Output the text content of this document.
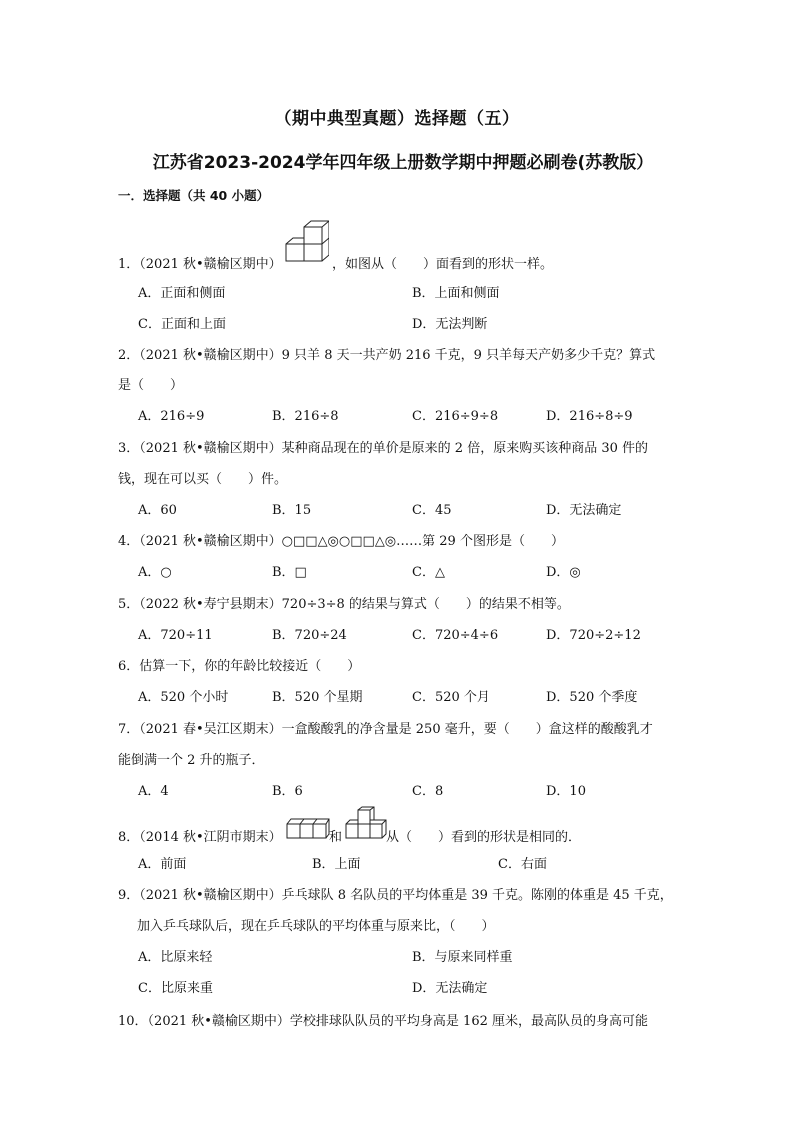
（期中典型真题）选择题（五）
江苏省2023-2024学年四年级上册数学期中押题必刷卷(苏教版）
一．选择题（共 40 小题）
1．（2021 秋•赣榆区期中）	，如图从（　　）面看到的形状一样。
A．正面和侧面	B．上面和侧面
C．正面和上面	D．无法判断
2．（2021 秋•赣榆区期中）9 只羊 8 天一共产奶 216 千克，9 只羊每天产奶多少千克？算式
是（　　）
A．216÷9	B．216÷8	C．216÷9÷8	D．216÷8÷9
3．（2021 秋•赣榆区期中）某种商品现在的单价是原来的 2 倍，原来购买该种商品 30 件的
钱，现在可以买（　　）件。
A．60	B．15	C．45	D．无法确定
4．（2021 秋•赣榆区期中）○□□△◎○□□△◎……第 29 个图形是（　　）
A．○	B．□	C．△	D．◎
5．（2022 秋•寿宁县期末）720÷3÷8 的结果与算式（　　）的结果不相等。
A．720÷11	B．720÷24	C．720÷4÷6	D．720÷2÷12
6．估算一下，你的年龄比较接近（　　）
A．520 个小时	B．520 个星期	C．520 个月	D．520 个季度
7．（2021 春•吴江区期末）一盒酸酸乳的净含量是 250 毫升，要（　　）盒这样的酸酸乳才
能倒满一个 2 升的瓶子．
A．4	B．6	C．8	D．10
8．（2014 秋•江阴市期末）	和	从（　　）看到的形状是相同的．
A．前面	B．上面	C．右面
9．（2021 秋•赣榆区期中）乒乓球队 8 名队员的平均体重是 39 千克。陈刚的体重是 45 千克，
加入乒乓球队后，现在乒乓球队的平均体重与原来比，（　　）
A．比原来轻	B．与原来同样重
C．比原来重	D．无法确定
10．（2021 秋•赣榆区期中）学校排球队队员的平均身高是 162 厘米，最高队员的身高可能
